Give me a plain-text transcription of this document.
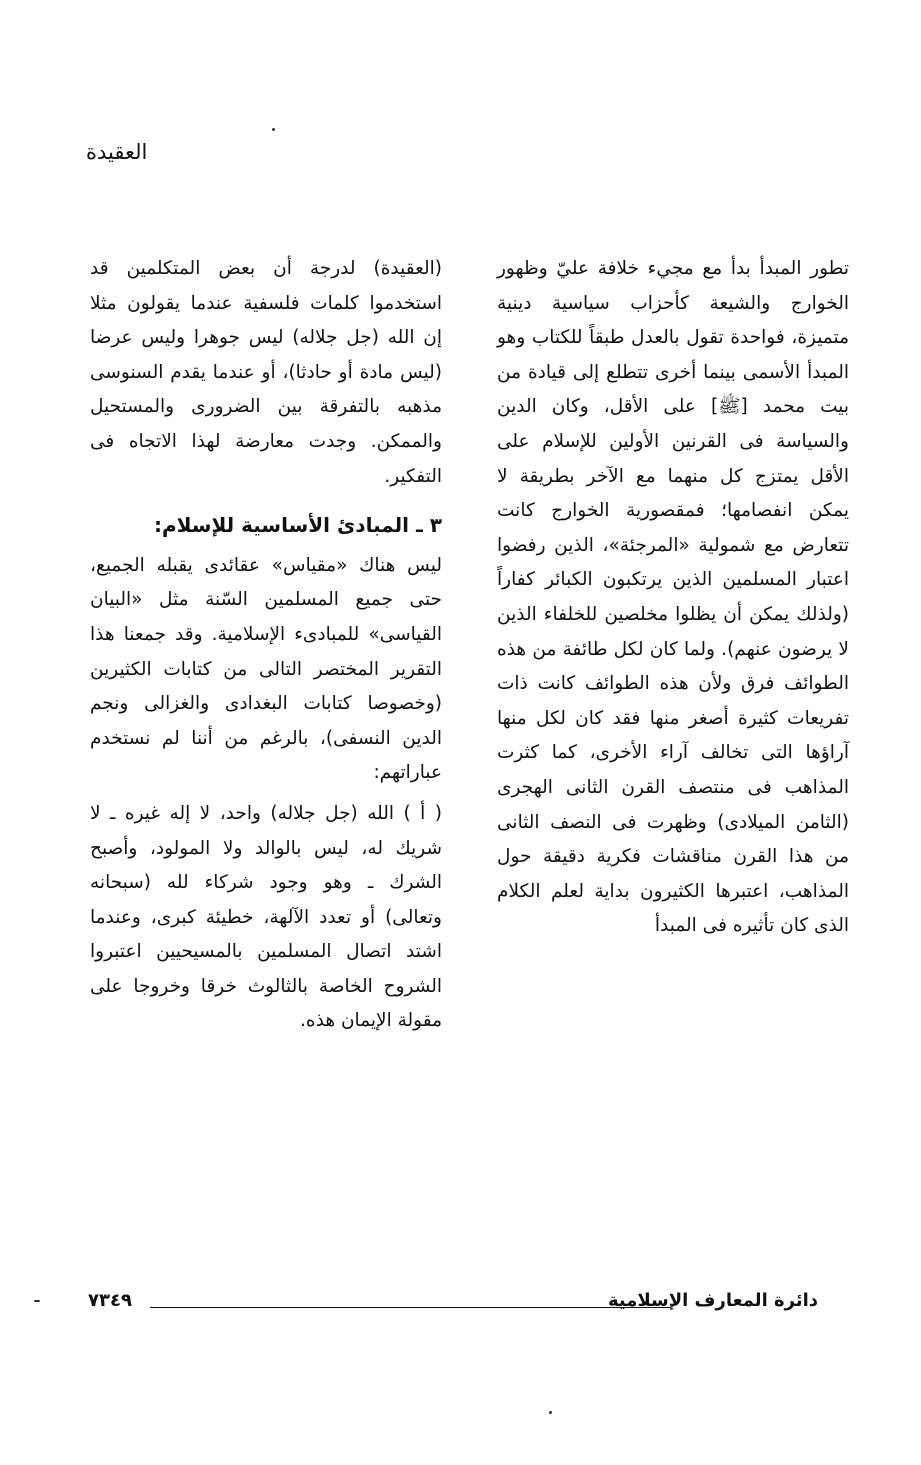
العقيدة

تطور المبدأ بدأ مع مجيء خلافة عليّ وظهور الخوارج والشيعة كأحزاب سياسية دينية متميزة، فواحدة تقول بالعدل طبقاً للكتاب وهو المبدأ الأسمى بينما أخرى تتطلع إلى قيادة من بيت محمد [ﷺ] على الأقل، وكان الدين والسياسة فى القرنين الأولين للإسلام على الأقل يمتزج كل منهما مع الآخر بطريقة لا يمكن انفصامها؛ فمقصورية الخوارج كانت تتعارض مع شمولية «المرجئة»، الذين رفضوا اعتبار المسلمين الذين يرتكبون الكبائر كفاراً (ولذلك يمكن أن يظلوا مخلصين للخلفاء الذين لا يرضون عنهم). ولما كان لكل طائفة من هذه الطوائف فرق ولأن هذه الطوائف كانت ذات تفريعات كثيرة أصغر منها فقد كان لكل منها آراؤها التى تخالف آراء الأخرى، كما كثرت المذاهب فى منتصف القرن الثانى الهجرى (الثامن الميلادى) وظهرت فى النصف الثانى من هذا القرن مناقشات فكرية دقيقة حول المذاهب، اعتبرها الكثيرون بداية لعلم الكلام الذى كان تأثيره فى المبدأ

(العقيدة) لدرجة أن بعض المتكلمين قد استخدموا كلمات فلسفية عندما يقولون مثلا إن الله (جل جلاله) ليس جوهرا وليس عرضا (ليس مادة أو حادثا)، أو عندما يقدم السنوسى مذهبه بالتفرقة بين الضرورى والمستحيل والممكن. وجدت معارضة لهذا الاتجاه فى التفكير.

٣ ـ المبادئ الأساسية للإسلام:

ليس هناك «مقياس» عقائدى يقبله الجميع، حتى جميع المسلمين السّنة مثل «البيان القياسى» للمبادىء الإسلامية. وقد جمعنا هذا التقرير المختصر التالى من كتابات الكثيرين (وخصوصا كتابات البغدادى والغزالى ونجم الدين النسفى)، بالرغم من أننا لم نستخدم عباراتهم:

( أ ) الله (جل جلاله) واحد، لا إله غيره ـ لا شريك له، ليس بالوالد ولا المولود، وأصبح الشرك ـ وهو وجود شركاء لله (سبحانه وتعالى) أو تعدد الآلهة، خطيئة كبرى، وعندما اشتد اتصال المسلمين بالمسيحيين اعتبروا الشروح الخاصة بالثالوث خرقا وخروجا على مقولة الإيمان هذه.

دائرة المعارف الإسلامية
٧٣٤٩
